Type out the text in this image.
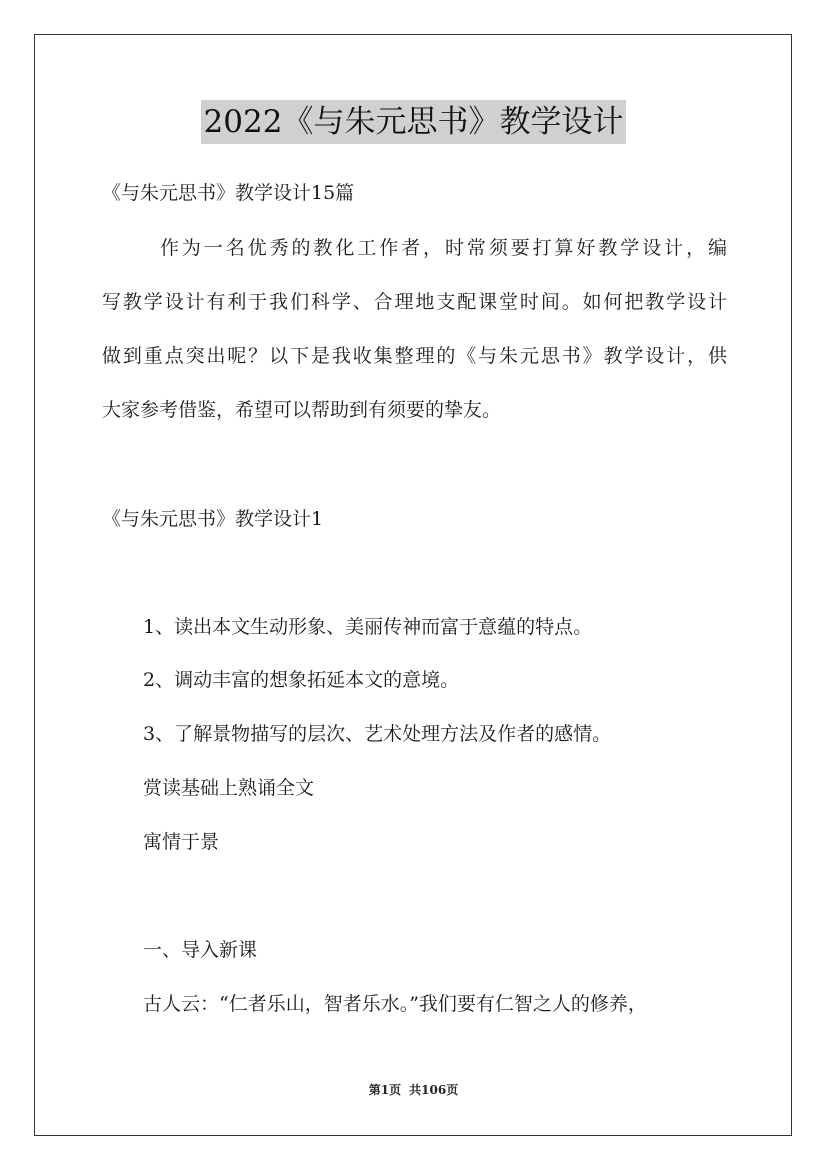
2022《与朱元思书》教学设计
《与朱元思书》教学设计15篇
作为一名优秀的教化工作者，时常须要打算好教学设计，编
写教学设计有利于我们科学、合理地支配课堂时间。如何把教学设计
做到重点突出呢？以下是我收集整理的《与朱元思书》教学设计，供
大家参考借鉴，希望可以帮助到有须要的挚友。
《与朱元思书》教学设计1
1、读出本文生动形象、美丽传神而富于意蕴的特点。
2、调动丰富的想象拓延本文的意境。
3、了解景物描写的层次、艺术处理方法及作者的感情。
赏读基础上熟诵全文
寓情于景
一、导入新课
古人云：“仁者乐山，智者乐水。”我们要有仁智之人的修养，
第1页 共106页
